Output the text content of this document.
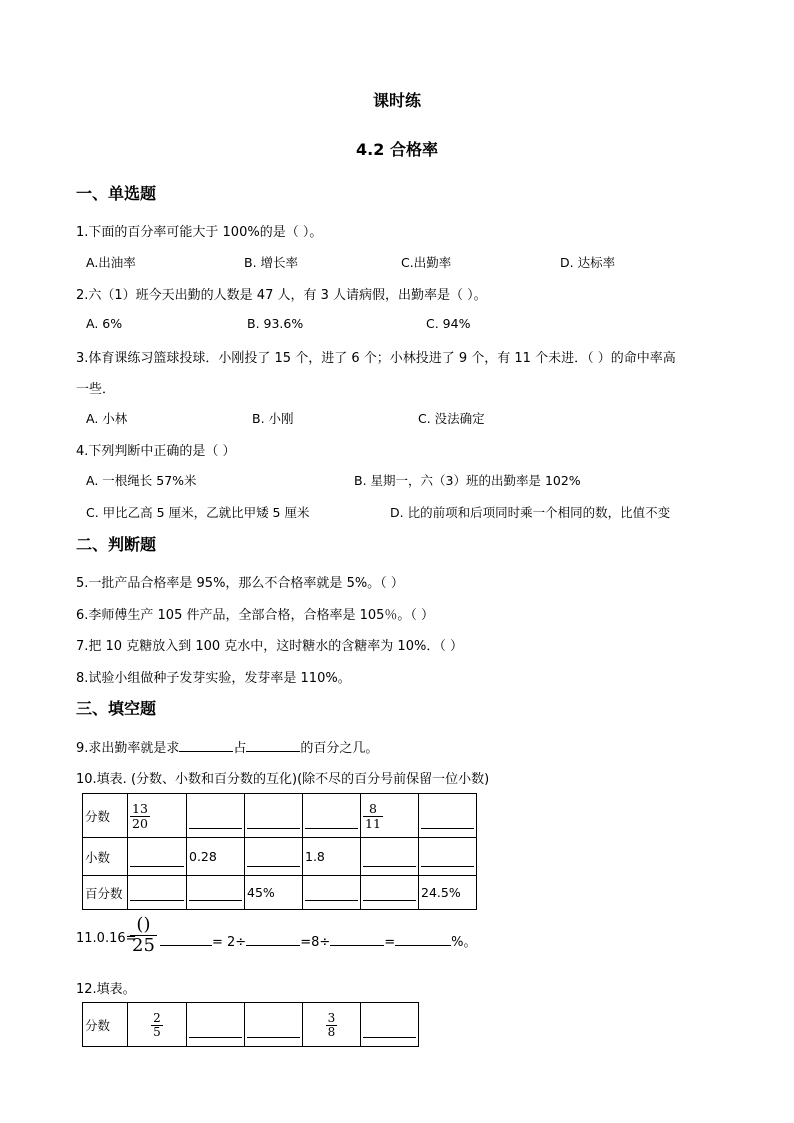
课时练
4.2 合格率
一、单选题
1.下面的百分率可能大于 100%的是（ ）。
A.出油率	B. 增长率	C.出勤率	D. 达标率
2.六（1）班今天出勤的人数是 47 人，有 3 人请病假，出勤率是（ ）。
A. 6%	B. 93.6%	C. 94%
3.体育课练习篮球投球．小刚投了 15 个，进了 6 个；小林投进了 9 个，有 11 个未进．（ ）的命中率高
一些．
A. 小林	B. 小刚	C. 没法确定
4.下列判断中正确的是（ ）
A. 一根绳长 57%米	B. 星期一，六（3）班的出勤率是 102%
C. 甲比乙高 5 厘米，乙就比甲矮 5 厘米	D. 比的前项和后项同时乘一个相同的数，比值不变
二、判断题
5.一批产品合格率是 95%，那么不合格率就是 5%。（ ）
6.李师傅生产 105 件产品，全部合格，合格率是 105％。（ ）
7.把 10 克糖放入到 100 克水中，这时糖水的含糖率为 10%．（ ）
8.试验小组做种子发芽实验，发芽率是 110%。
三、填空题
9.求出勤率就是求	占	的百分之几。
10.填表. (分数、小数和百分数的互化)(除不尽的百分号前保留一位小数)
分数	$\frac{13}{20}$				$\frac{8}{11}$

小数		0.28		1.8	

百分数			45%			24.5%
11.0.16=
$\frac{()}{25}$	= 2÷	=8÷	=	%。
12.填表。
分数	$\frac{2}{5}$			$\frac{3}{8}$
